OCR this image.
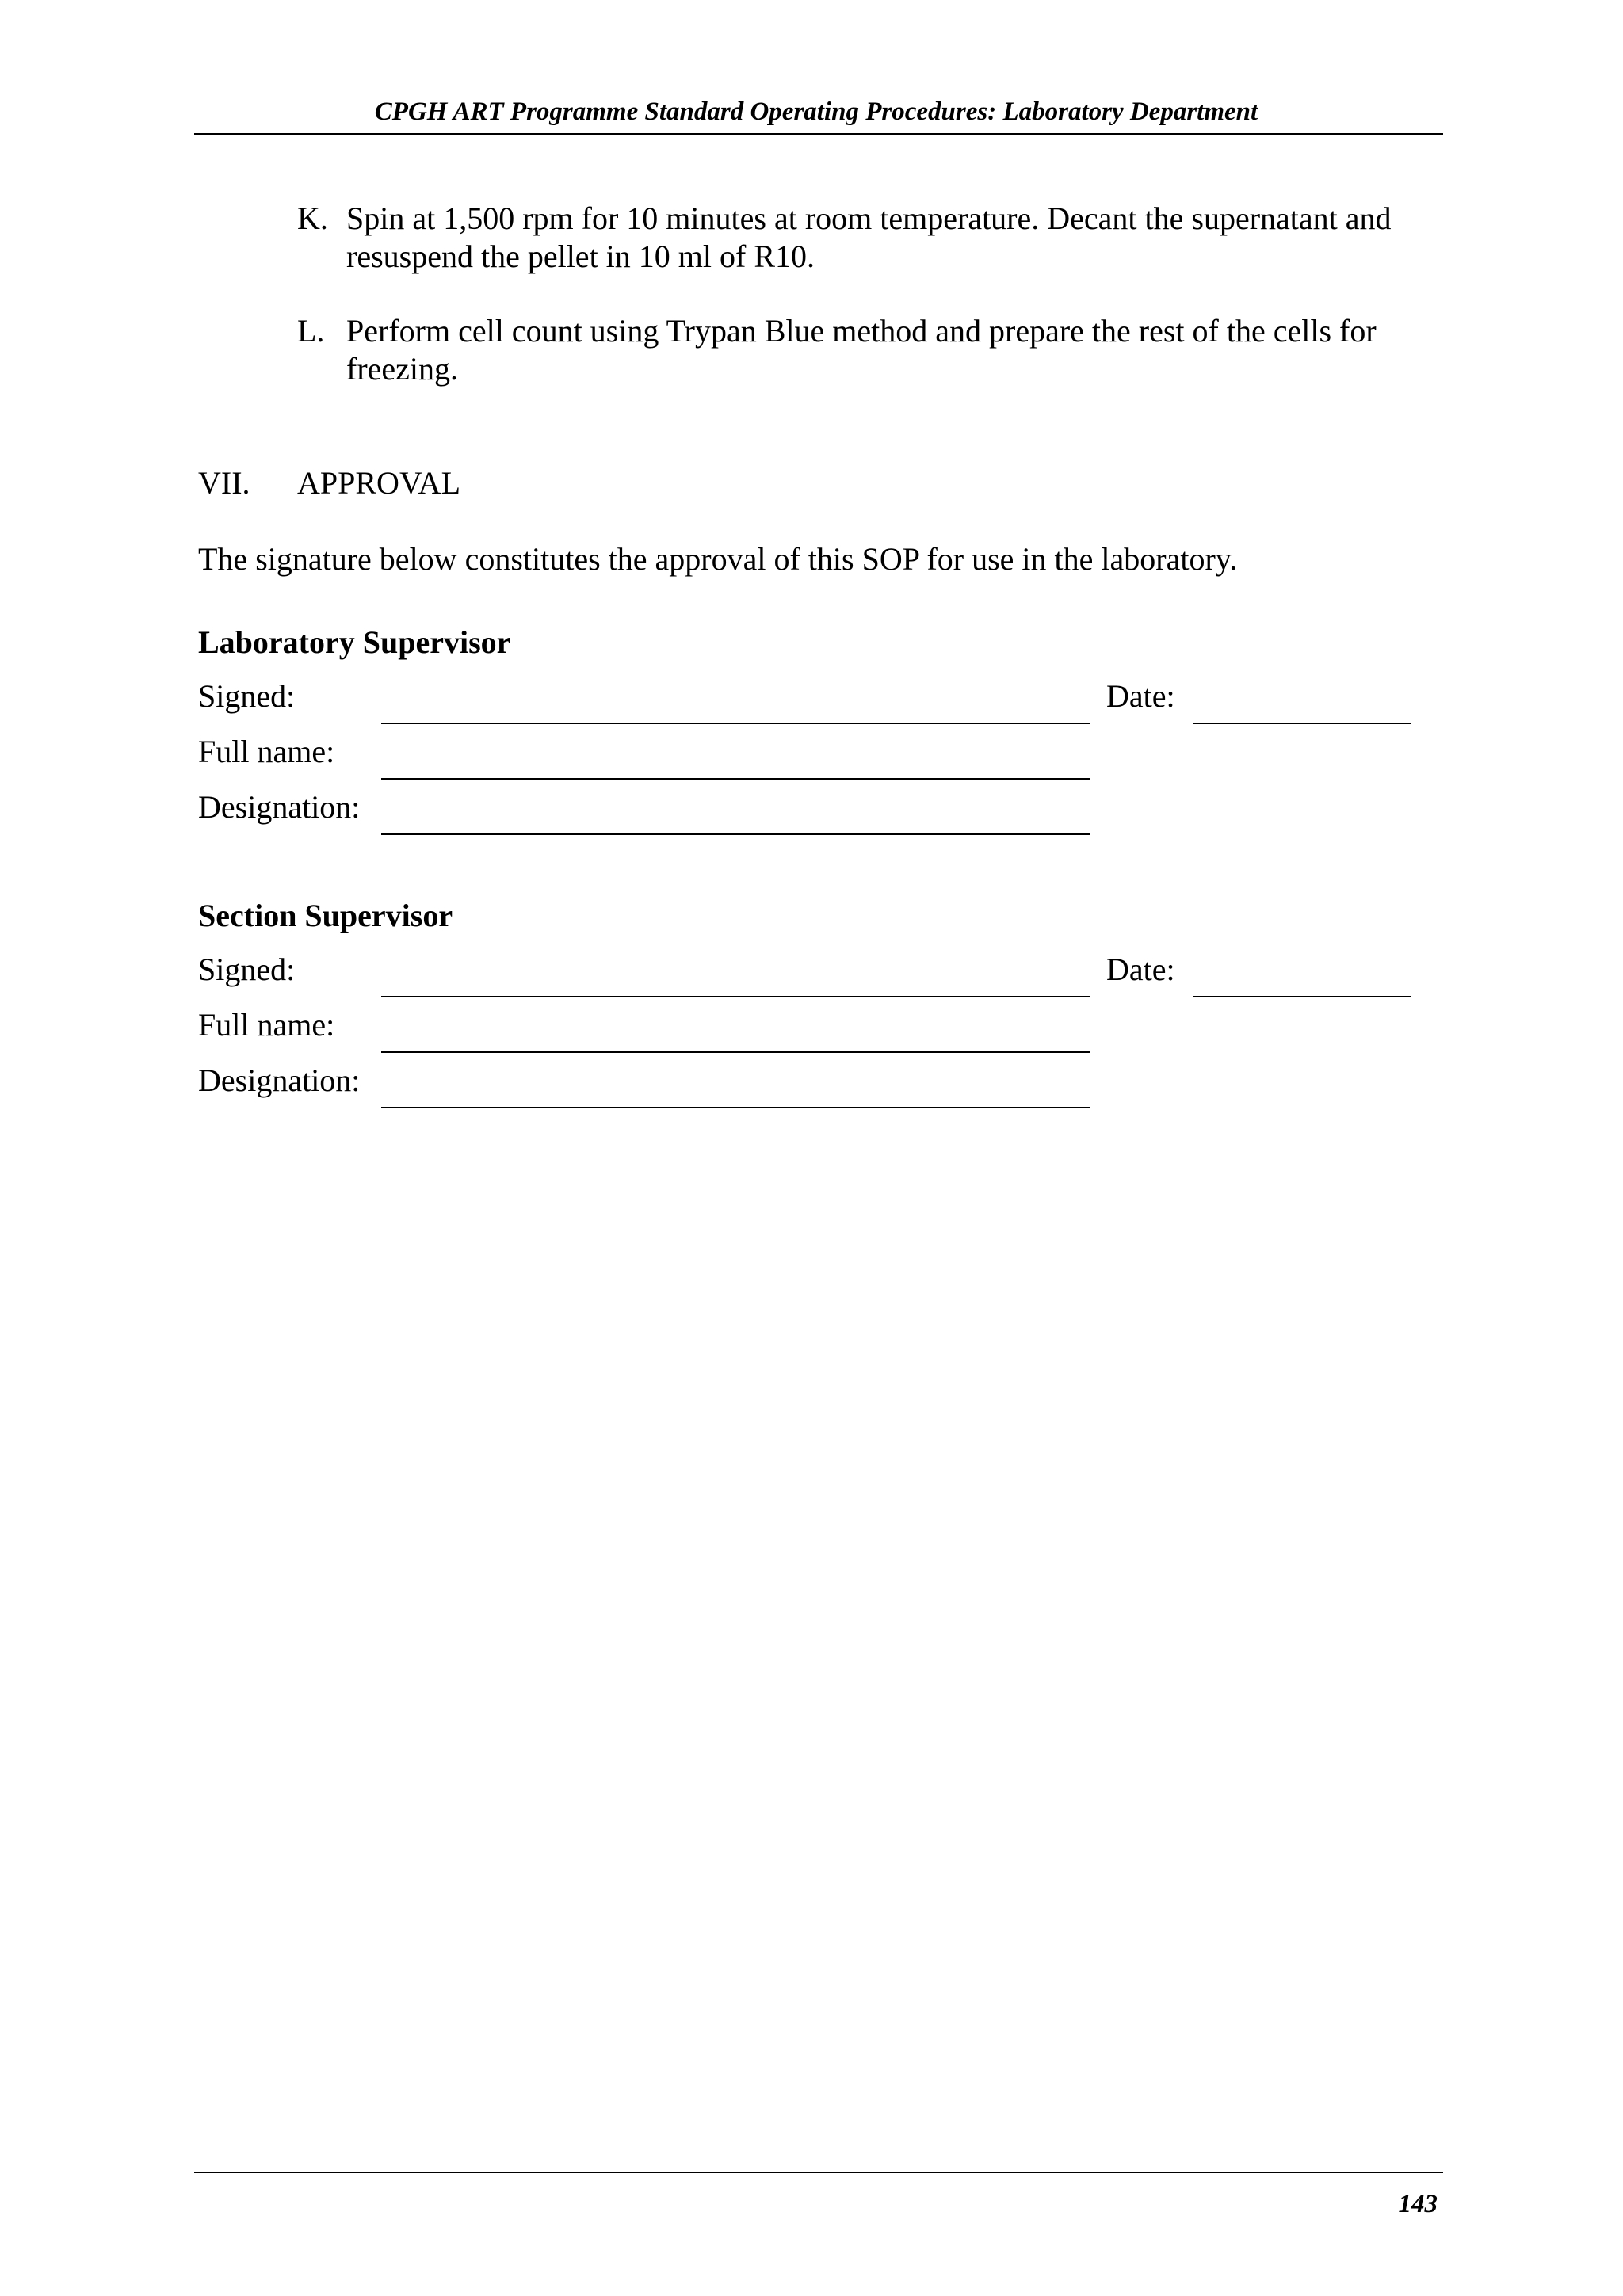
CPGH ART Programme Standard Operating Procedures: Laboratory Department
K. Spin at 1,500 rpm for 10 minutes at room temperature. Decant the supernatant and resuspend the pellet in 10 ml of R10.
L. Perform cell count using Trypan Blue method and prepare the rest of the cells for freezing.
VII. APPROVAL
The signature below constitutes the approval of this SOP for use in the laboratory.
Laboratory Supervisor
Signed:	Date:
Full name:
Designation:
Section Supervisor
Signed:	Date:
Full name:
Designation:
143
